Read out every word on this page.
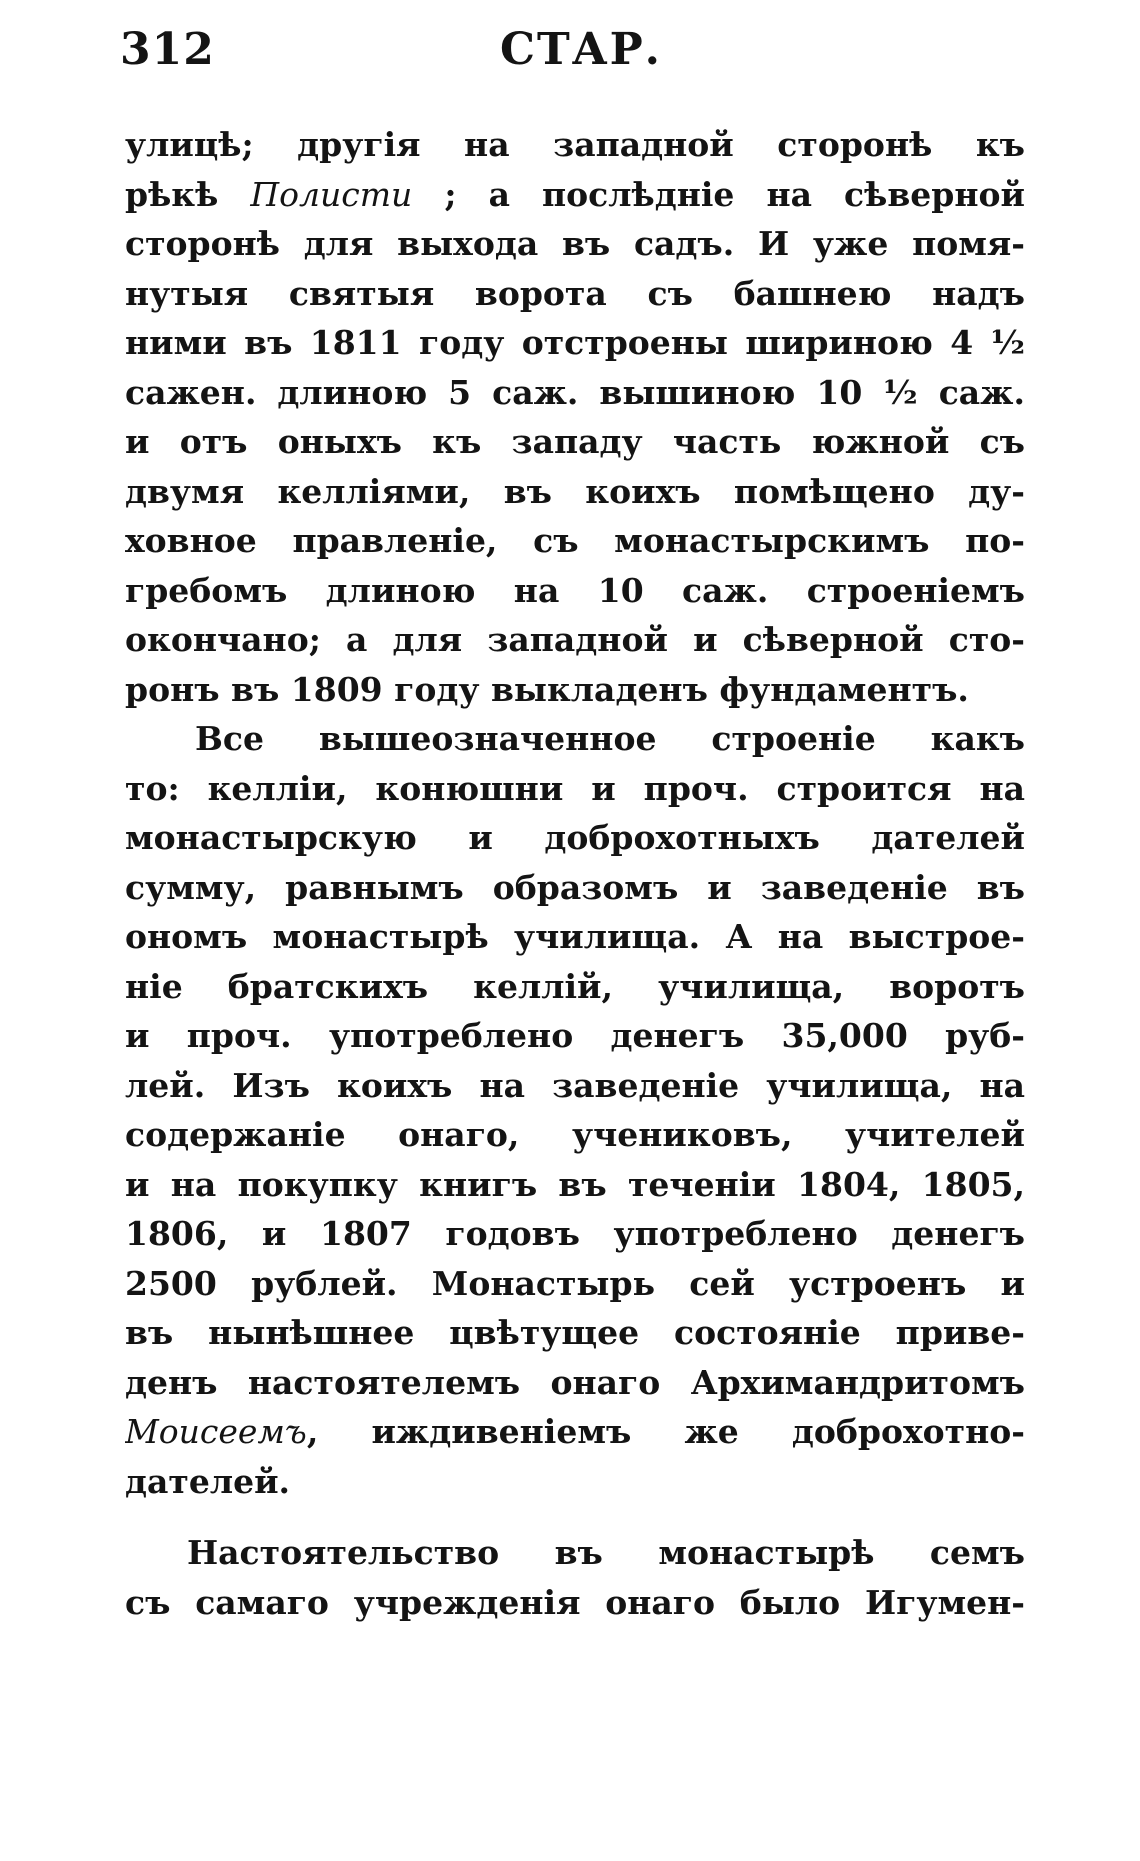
312	СТАР.
улицѣ; другія на западной сторонѣ къ
рѣкѣ Полисти ; а послѣдніе на сѣверной
сторонѣ для выхода въ садъ. И уже помя-
нутыя святыя ворота съ башнею надъ
ними въ 1811 году отстроены шириною 4 ½
сажен. длиною 5 саж. вышиною 10 ½ саж.
и отъ оныхъ къ западу часть южной съ
двумя келліями, въ коихъ помѣщено ду-
ховное правленіе, съ монастырскимъ по-
гребомъ длиною на 10 саж. строеніемъ
окончано; а для западной и сѣверной сто-
ронъ въ 1809 году выкладенъ фундаментъ.
Все вышеозначенное строеніе какъ
то: келліи, конюшни и проч. строится на
монастырскую и доброхотныхъ дателей
сумму, равнымъ образомъ и заведеніе въ
ономъ монастырѣ училища. А на выстрое-
ніе братскихъ келлій, училища, воротъ
и проч. употреблено денегъ 35,000 руб-
лей. Изъ коихъ на заведеніе училища, на
содержаніе онаго, учениковъ, учителей
и на покупку книгъ въ теченіи 1804, 1805,
1806, и 1807 годовъ употреблено денегъ
2500 рублей. Монастырь сей устроенъ и
въ нынѣшнее цвѣтущее состояніе приве-
денъ настоятелемъ онаго Архимандритомъ
Моисеемъ, иждивеніемъ же доброхотно-
дателей.
Настоятельство въ монастырѣ семъ
съ самаго учрежденія онаго было Игумен-
